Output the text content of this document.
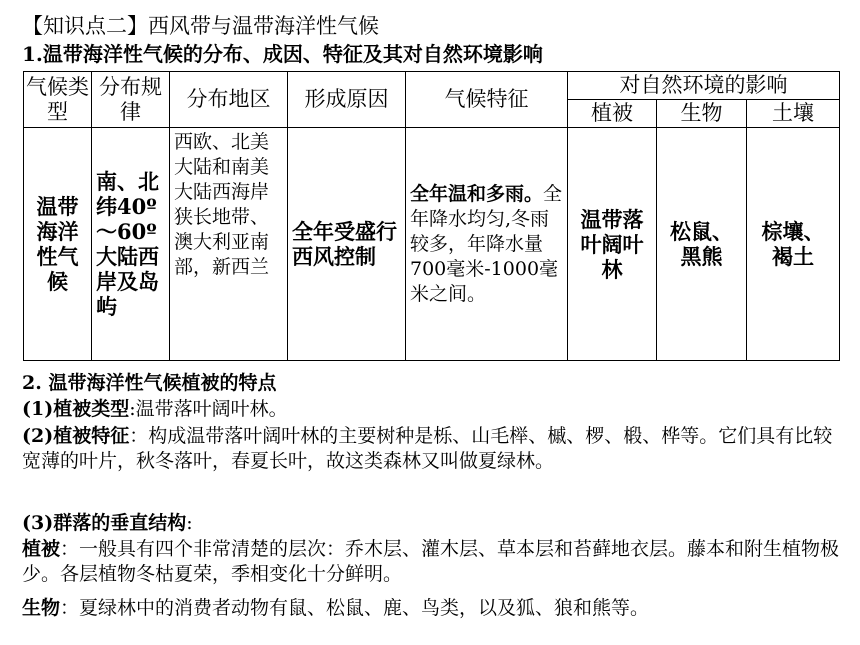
【知识点二】西风带与温带海洋性气候
1.温带海洋性气候的分布、成因、特征及其对自然环境影响
气候类型	分布规律	分布地区	形成原因	气候特征	对自然环境的影响		
					植被	生物	土壤
温带海洋性气候	南、北纬40º～60º大陆西岸及岛屿	西欧、北美大陆和南美大陆西海岸狭长地带、澳大利亚南部，新西兰	全年受盛行西风控制	全年温和多雨。全年降水均匀,冬雨较多，年降水量700毫米-1000毫米之间。	温带落叶阔叶林	松鼠、黑熊	棕壤、褐土
2. 温带海洋性气候植被的特点
(1)植被类型:温带落叶阔叶林。
(2)植被特征：构成温带落叶阔叶林的主要树种是栎、山毛榉、槭、椤、椴、桦等。它们具有比较宽薄的叶片，秋冬落叶，春夏长叶，故这类森林又叫做夏绿林。
(3)群落的垂直结构:
植被：一般具有四个非常清楚的层次：乔木层、灌木层、草本层和苔藓地衣层。藤本和附生植物极少。各层植物冬枯夏荣，季相变化十分鲜明。
生物：夏绿林中的消费者动物有鼠、松鼠、鹿、鸟类，以及狐、狼和熊等。
